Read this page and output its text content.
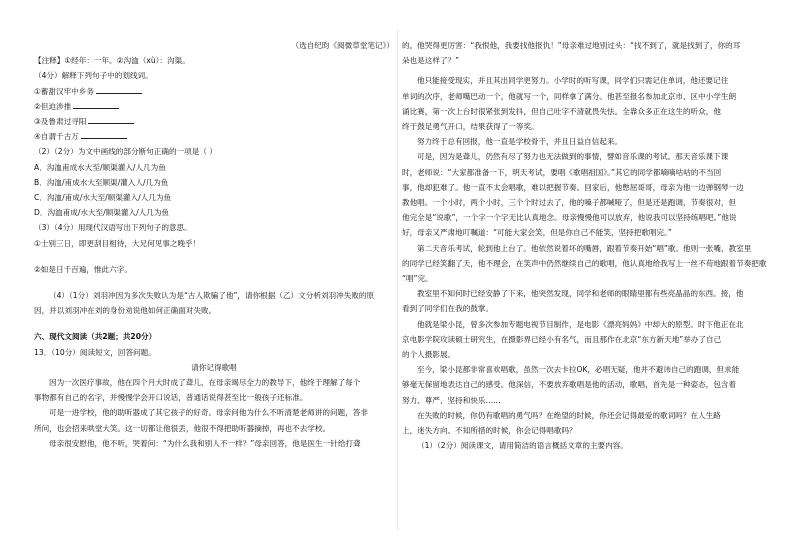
（选自纪昀《阅微草堂笔记》）
【注释】①经年：一年。②沟洫（xù）：沟渠。
（4分）解释下列句子中的划线词。
①蓄甜汉牢中乡务
②但迫涉推
③及鲁肃过寻阳
④自谓千古万
（2）（2分）为文中画线的部分断句正确的一项是（ ）
A．沟洫甫成水大至/顺渠灌入/人几为鱼
B．沟洫/甫成水大至顺渠/灌入人/几为鱼
C．沟洫/甫成/水大至/顺渠灌入/人几为鱼
D．沟洫甫成/水大至/顺渠灌入/人几为鱼
（3）（4分）用现代汉语写出下列句子的意思。
①士别三日，即更刮目相待，大兄何见事之晚乎！
②如是日千百遍，惟此六字。
（4）（1分）刘羽冲因为多次失败认为是“古人欺骗了他”，请你根据（乙）文分析刘羽冲失败的原
因，并以刘羽冲在刘的身份劝说他如何正确面对失败。
六、现代文阅读（共2题；共20分）
13．（10分）阅读短文，回答问题。
请你记得歌唱
因为一次医疗事故，他在四个月大时成了聋儿，在母亲竭尽全力的教导下，他终于理解了每个
事物都有自己的名字，并慢慢学会开口说话，普通话说得甚至比一般孩子还标准。
可是一进学校，他的助听器成了其它孩子的好奇。母亲问他为什么不听清楚老师讲的问题，答非
所问，也会招来哄堂大笑。这一切都让他很丢，他很不得把助听器摘掉，再也不去学校。
母亲很安慰他，他不听，哭着问：“为什么我和别人不一样？”母亲回答，他是医生一针给打聋
的。他哭得更厉害：“我恨他，我要找他报仇！”母亲难过地别过头：“找不到了，就是找到了，你的耳
朵也是这样了？”
他只能接受现实，并且其出同学更努力。小学时的听写课，同学们只需记住单词，他还要记住
单词的次序，老师嘴巴动一个，他就写一个，同样拿了满分。他甚至报名参加北京市、区中小学生朗
诵比赛，第一次上台时很紧张到发抖，但自己吐字不清就畏失怯。全靠众多正在这生的听众，他
终于鼓足勇气开口，结果获得了一等奖。
努力终于总有回报，他一直是学校骨干，并且日益自信起来。
可是，因为是聋儿，仍然有尽了努力也无法做到的事情，譬如音乐课的考试。那天音乐课下课
时，老师说：“大家都准备一下，明天考试，要唱《歌唱祖国》。”其它的同学都嘀嘀咕咕的不当回
事，他却犯难了。他一直不太会唱歌，难以把握节奏。回家后，他憋屈哥哥，母亲为他一边弹钢琴一边
教他唱。一个小时，两个小时，三个个时过去了，他的嗓子都喊哑了，但是还是跑调，节奏很对，但
他完全是“说歌”，一个字一个字无比认真地念。母亲慢慢他可以放弃，他说我可以坚持练唱吧。”他说
好，母亲又严肃地叮嘱道：“可能大家会笑，但是你自己不能笑，坚持把歌唱完。”
第二天音乐考试，轮到他上台了。他依然说着坏的嘴唇，跟着节奏开始“唱”歌。他则一张嘴，教室里
的同学已经笑翻了天，他不理会，在笑声中仍然继续自己的歌唱，他认真地给我写上一丝不苟地跟着节奏把歌
“唱”完。
教室里不知何时已经安静了下来，他突然发现，同学和老师的眼睛里都有些亮晶晶的东西。接，他
看到了同学们在我的鼓掌。
他就是梁小昆，曾多次参加专题电视节目制作，是电影《漂亮妈妈》中却大的原型。时下他正在北
京电影学院攻读硕士研究生，在摄影界已经小有名气，而且那作在北京“东方新天地”举办了自己
的个人摄影展。
至今，梁小昆都非常喜欢唱歌，虽然一次去卡拉OK，必唱无疑，他并不避讳自己的跑调，但求能
够毫无保留地表达自己的感受。他深信，不要放弃歌唱是他的活动，歌唱，首先是一种姿态，包含着
努力、尊严、坚持和快乐……
在失败的时候，你仍有歌唱的勇气吗？在绝望的时候，你还会记得最爱的歌词吗？在人生路
上，迷失方向、不知所措的时候，你会记得唱歌吗？
（1）（2分）阅读课文，请用简洁的语言概括文章的主要内容。
